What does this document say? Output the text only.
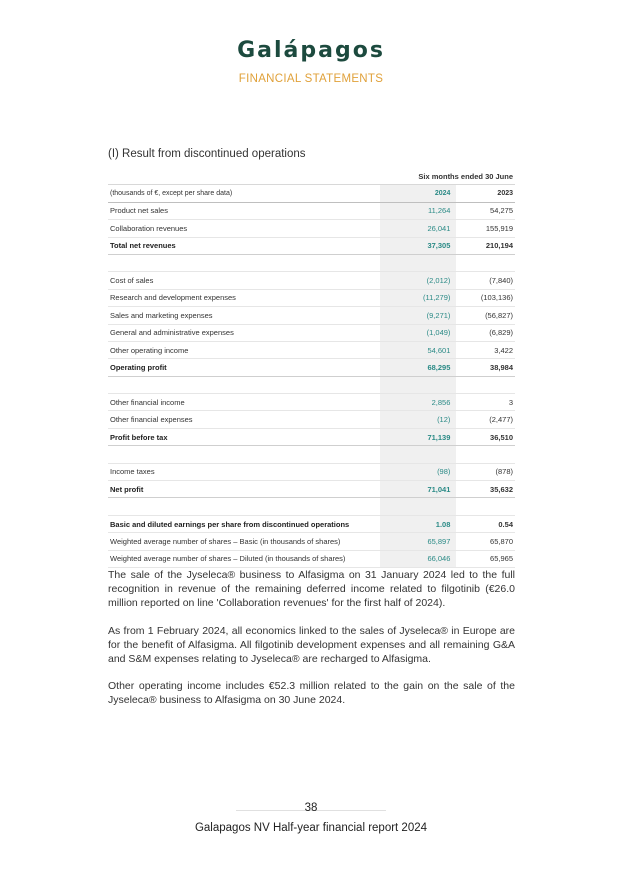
Galápagos
FINANCIAL STATEMENTS
(I) Result from discontinued operations
	Six months ended 30 June	
(thousands of €, except per share data)	2024	2023
Product net sales	11,264	54,275
Collaboration revenues	26,041	155,919
Total net revenues	37,305	210,194

Cost of sales	(2,012)	(7,840)
Research and development expenses	(11,279)	(103,136)
Sales and marketing expenses	(9,271)	(56,827)
General and administrative expenses	(1,049)	(6,829)
Other operating income	54,601	3,422
Operating profit	68,295	38,984

Other financial income	2,856	3
Other financial expenses	(12)	(2,477)
Profit before tax	71,139	36,510

Income taxes	(98)	(878)
Net profit	71,041	35,632

Basic and diluted earnings per share from discontinued operations	1.08	0.54
Weighted average number of shares – Basic (in thousands of shares)	65,897	65,870
Weighted average number of shares – Diluted (in thousands of shares)	66,046	65,965

The sale of the Jyseleca® business to Alfasigma on 31 January 2024 led to the full recognition in revenue of the remaining deferred income related to filgotinib (€26.0 million reported on line 'Collaboration revenues' for the first half of 2024).

As from 1 February 2024, all economics linked to the sales of Jyseleca® in Europe are for the benefit of Alfasigma. All filgotinib development expenses and all remaining G&A and S&M expenses relating to Jyseleca® are recharged to Alfasigma.

Other operating income includes €52.3 million related to the gain on the sale of the Jyseleca® business to Alfasigma on 30 June 2024.

38
Galapagos NV Half-year financial report 2024
